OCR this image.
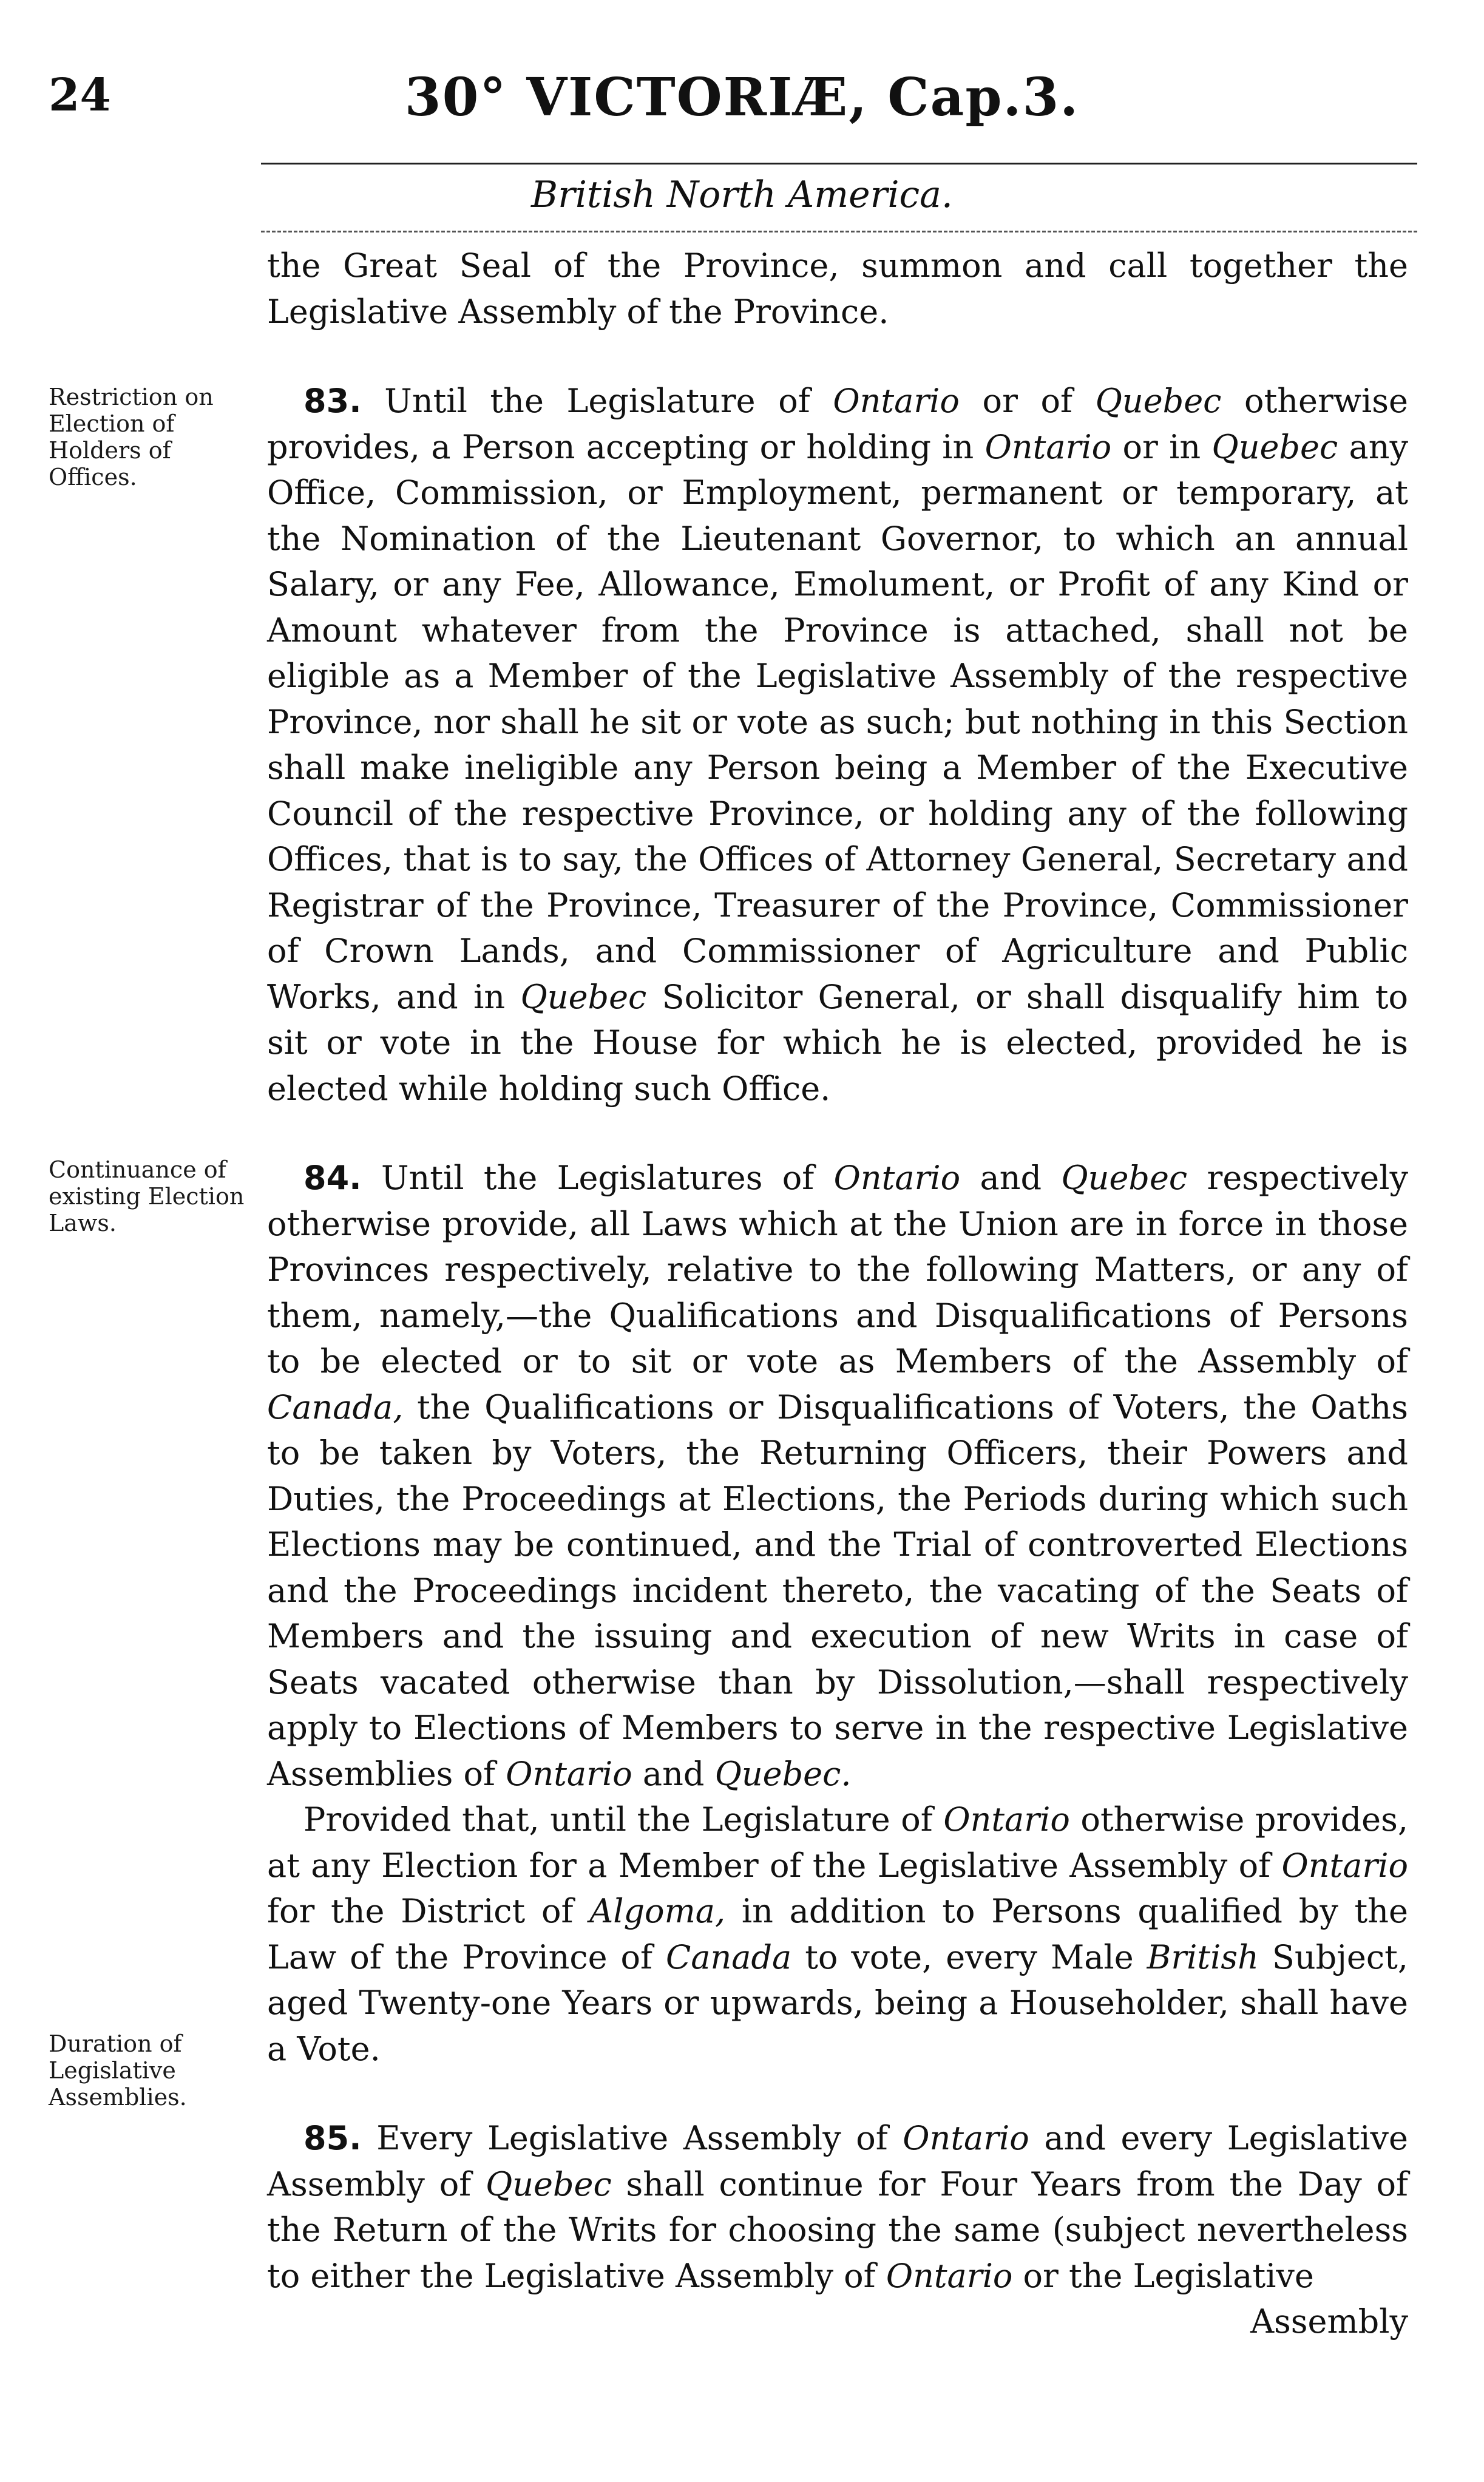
24	30° VICTORIÆ, Cap.3.
British North America.
Restriction on Election of Holders of Offices.
Continuance of existing Election Laws.
Duration of Legislative Assemblies.

the Great Seal of the Province, summon and call together the Legislative Assembly of the Province.

83. Until the Legislature of Ontario or of Quebec otherwise provides, a Person accepting or holding in Ontario or in Quebec any Office, Commission, or Employment, permanent or temporary, at the Nomination of the Lieutenant Governor, to which an annual Salary, or any Fee, Allowance, Emolument, or Profit of any Kind or Amount whatever from the Province is attached, shall not be eligible as a Member of the Legislative Assembly of the respective Province, nor shall he sit or vote as such; but nothing in this Section shall make ineligible any Person being a Member of the Executive Council of the respective Province, or holding any of the following Offices, that is to say, the Offices of Attorney General, Secretary and Registrar of the Province, Treasurer of the Province, Commissioner of Crown Lands, and Commissioner of Agriculture and Public Works, and in Quebec Solicitor General, or shall disqualify him to sit or vote in the House for which he is elected, provided he is elected while holding such Office.

84. Until the Legislatures of Ontario and Quebec respectively otherwise provide, all Laws which at the Union are in force in those Provinces respectively, relative to the following Matters, or any of them, namely,—the Qualifications and Disqualifications of Persons to be elected or to sit or vote as Members of the Assembly of Canada, the Qualifications or Disqualifications of Voters, the Oaths to be taken by Voters, the Returning Officers, their Powers and Duties, the Proceedings at Elections, the Periods during which such Elections may be continued, and the Trial of controverted Elections and the Proceedings incident thereto, the vacating of the Seats of Members and the issuing and execution of new Writs in case of Seats vacated otherwise than by Dissolution,—shall respectively apply to Elections of Members to serve in the respective Legislative Assemblies of Ontario and Quebec.

Provided that, until the Legislature of Ontario otherwise provides, at any Election for a Member of the Legislative Assembly of Ontario for the District of Algoma, in addition to Persons qualified by the Law of the Province of Canada to vote, every Male British Subject, aged Twenty-one Years or upwards, being a Householder, shall have a Vote.

85. Every Legislative Assembly of Ontario and every Legislative Assembly of Quebec shall continue for Four Years from the Day of the Return of the Writs for choosing the same (subject nevertheless to either the Legislative Assembly of Ontario or the Legislative

Assembly
